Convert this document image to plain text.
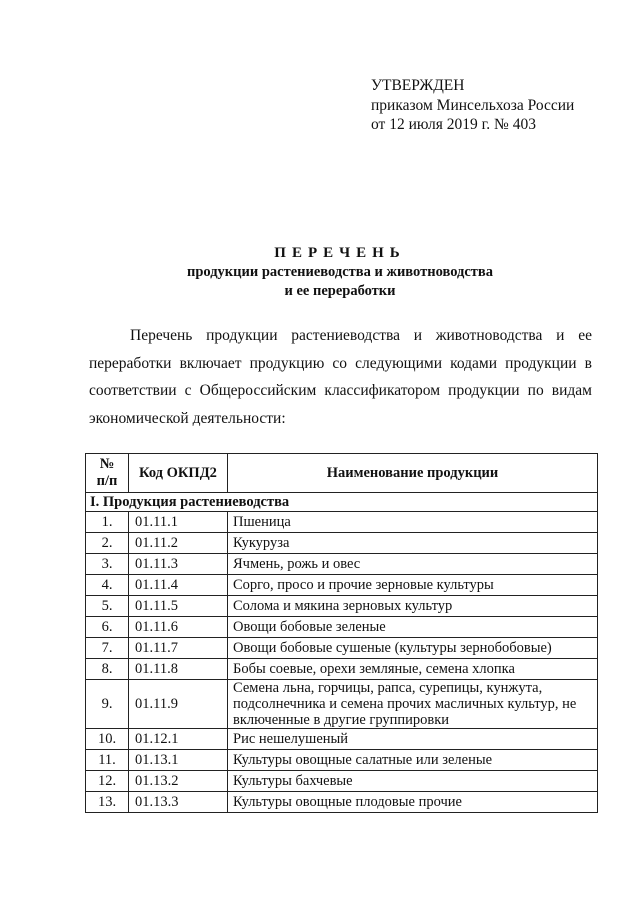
УТВЕРЖДЕН
приказом Минсельхоза России
от 12 июля 2019 г. № 403
ПЕРЕЧЕНЬ
продукции растениеводства и животноводства
и ее переработки

Перечень продукции растениеводства и животноводства и ее переработки включает продукцию со следующими кодами продукции в соответствии с Общероссийским классификатором продукции по видам экономической деятельности:

№
п/п	Код ОКПД2	Наименование продукции
I. Продукция растениеводства		
1.	01.11.1	Пшеница
2.	01.11.2	Кукуруза
3.	01.11.3	Ячмень, рожь и овес
4.	01.11.4	Сорго, просо и прочие зерновые культуры
5.	01.11.5	Солома и мякина зерновых культур
6.	01.11.6	Овощи бобовые зеленые
7.	01.11.7	Овощи бобовые сушеные (культуры зернобобовые)
8.	01.11.8	Бобы соевые, орехи земляные, семена хлопка
9.	01.11.9	Семена льна, горчицы, рапса, сурепицы, кунжута, подсолнечника и семена прочих масличных культур, не включенные в другие группировки
10.	01.12.1	Рис нешелушеный
11.	01.13.1	Культуры овощные салатные или зеленые
12.	01.13.2	Культуры бахчевые
13.	01.13.3	Культуры овощные плодовые прочие
